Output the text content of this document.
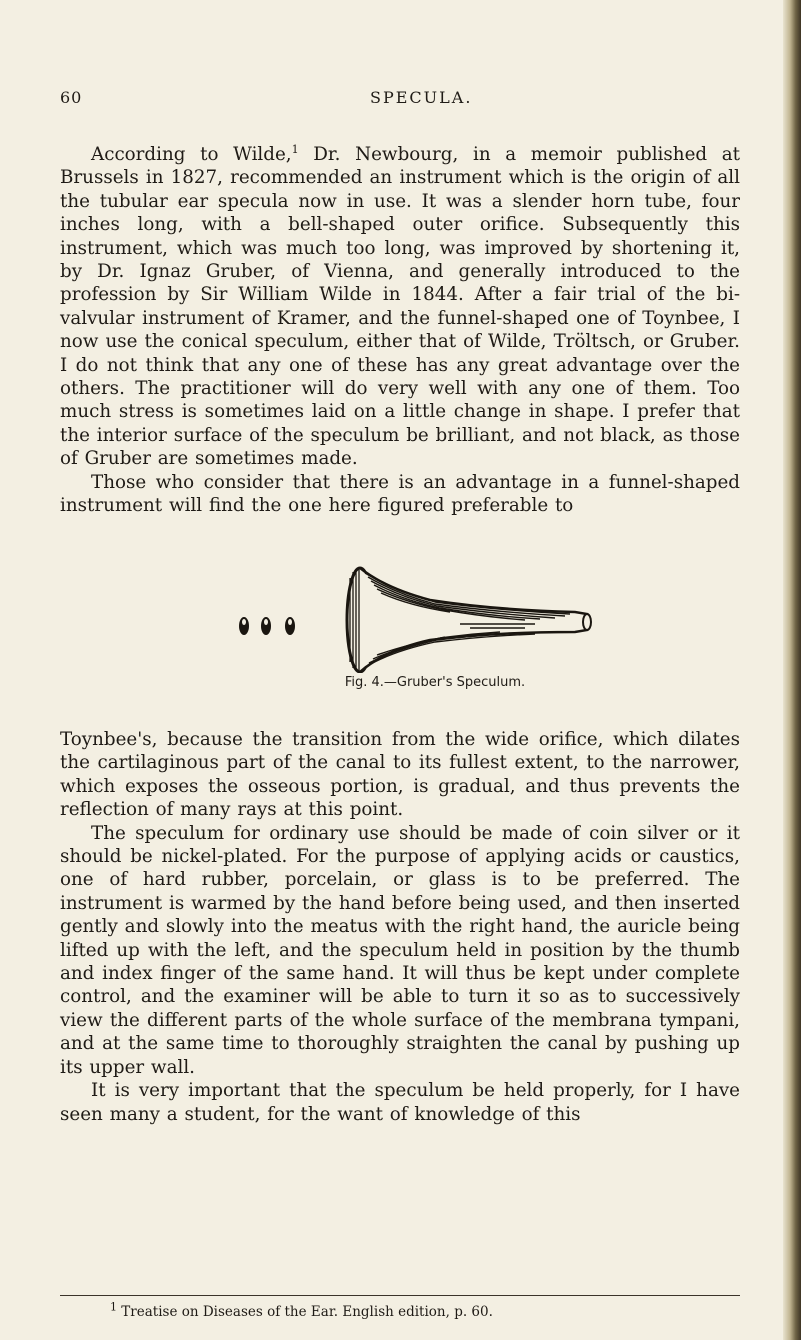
60	SPECULA.

According to Wilde,$^1$ Dr. Newbourg, in a memoir published at Brussels in 1827, recommended an instrument which is the origin of all the tubular ear specula now in use. It was a slender horn tube, four inches long, with a bell-shaped outer orifice. Subsequently this instrument, which was much too long, was improved by shortening it, by Dr. Ignaz Gruber, of Vienna, and generally introduced to the profession by Sir William Wilde in 1844. After a fair trial of the bi-valvular instrument of Kramer, and the funnel-shaped one of Toynbee, I now use the conical speculum, either that of Wilde, Tröltsch, or Gruber. I do not think that any one of these has any great advantage over the others. The practitioner will do very well with any one of them. Too much stress is sometimes laid on a little change in shape. I prefer that the interior surface of the speculum be brilliant, and not black, as those of Gruber are sometimes made.

Those who consider that there is an advantage in a funnel-shaped instrument will find the one here figured preferable to

Fig. 4.—Gruber's Speculum.

Toynbee's, because the transition from the wide orifice, which dilates the cartilaginous part of the canal to its fullest extent, to the narrower, which exposes the osseous portion, is gradual, and thus prevents the reflection of many rays at this point.

The speculum for ordinary use should be made of coin silver or it should be nickel-plated. For the purpose of applying acids or caustics, one of hard rubber, porcelain, or glass is to be preferred. The instrument is warmed by the hand before being used, and then inserted gently and slowly into the meatus with the right hand, the auricle being lifted up with the left, and the speculum held in position by the thumb and index finger of the same hand. It will thus be kept under complete control, and the examiner will be able to turn it so as to successively view the different parts of the whole surface of the membrana tympani, and at the same time to thoroughly straighten the canal by pushing up its upper wall.

It is very important that the speculum be held properly, for I have seen many a student, for the want of knowledge of this

$^1$ Treatise on Diseases of the Ear. English edition, p. 60.
